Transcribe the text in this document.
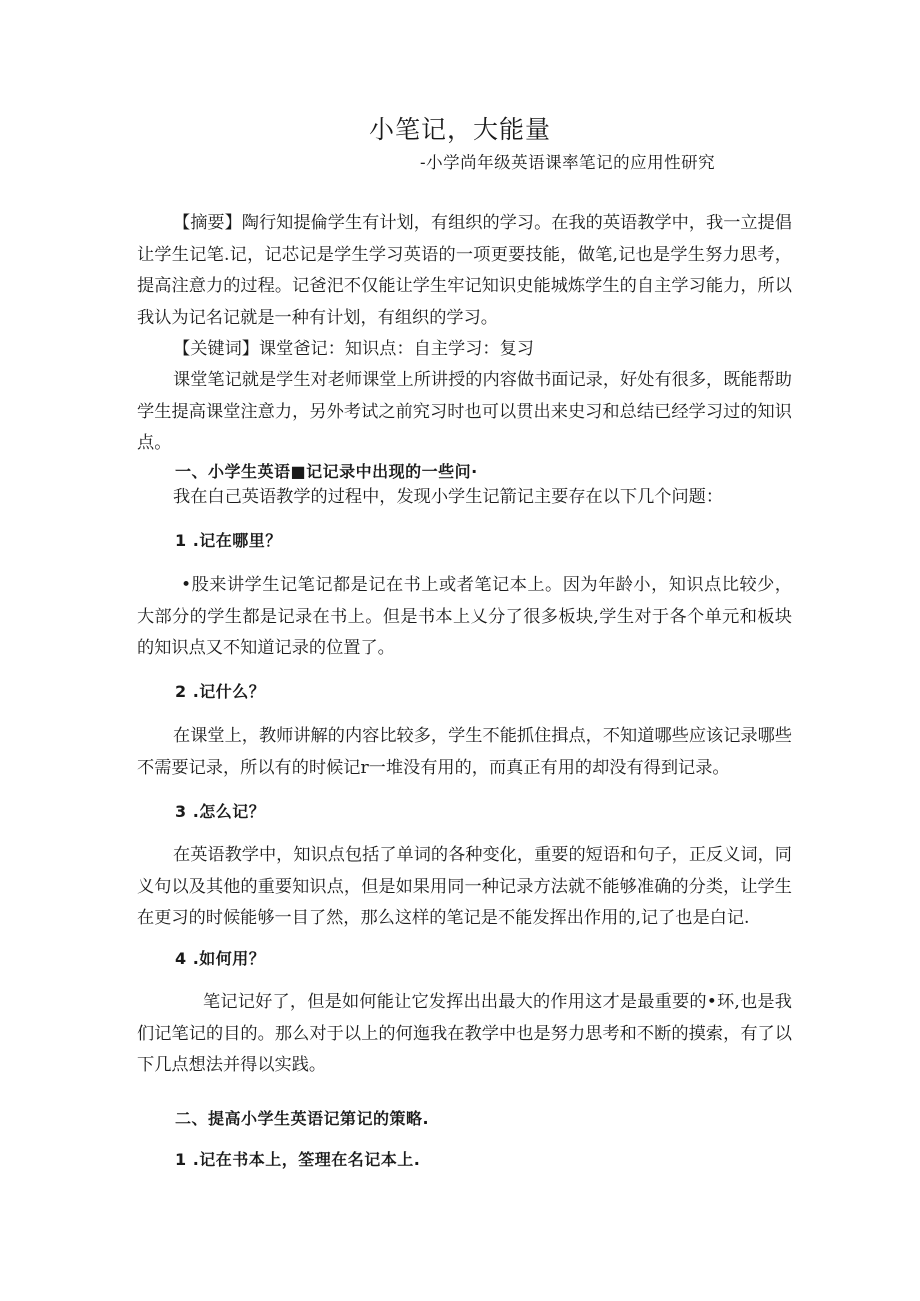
小笔记，大能量
-小学尚年级英语课率笔记的应用性研究

【摘要】陶行知提倫学生有计划，有组织的学习。在我的英语教学中，我一立提倡让学生记笔.记，记芯记是学生学习英语的一项更要技能，做笔,记也是学生努力思考，提高注意力的过程。记爸汜不仅能让学生牢记知识史能城炼学生的自主学习能力，所以我认为记名记就是一种有计划，有组织的学习。

【关键词】课堂爸记：知识点：自主学习：复习

课堂笔记就是学生对老师课堂上所讲授的内容做书面记录，好处有很多，既能帮助学生提高课堂注意力，另外考试之前究习时也可以贯出来史习和总结已经学习过的知识点。

一、小学生英语■记记录中出现的一些问·

我在白己英语教学的过程中，发现小学生记箭记主要存在以下几个问题：

1 .记在哪里？

•股来讲学生记笔记都是记在书上或者笔记本上。因为年龄小，知识点比较少，大部分的学生都是记录在书上。但是书本上乂分了很多板块,学生对于各个单元和板块的知识点又不知道记录的位置了。

2 .记什么？

在课堂上，教师讲解的内容比较多，学生不能抓住揖点，不知道哪些应该记录哪些不需要记录，所以有的时候记r一堆没有用的，而真正有用的却没有得到记录。

3 .怎么记？

在英语教学中，知识点包括了单词的各种变化，重要的短语和句子，正反义词，同义句以及其他的重要知识点，但是如果用同一种记录方法就不能够准确的分类，让学生在更习的时候能够一目了然，那么这样的笔记是不能发挥出作用的,记了也是白记.

4 .如何用？

笔记记好了，但是如何能让它发挥出出最大的作用这才是最重要的•环,也是我们记笔记的目的。那么对于以上的何迤我在教学中也是努力思考和不断的摸索，有了以下几点想法并得以实践。

二、提高小学生英语记第记的策略.

1 .记在书本上，筌理在名记本上.
